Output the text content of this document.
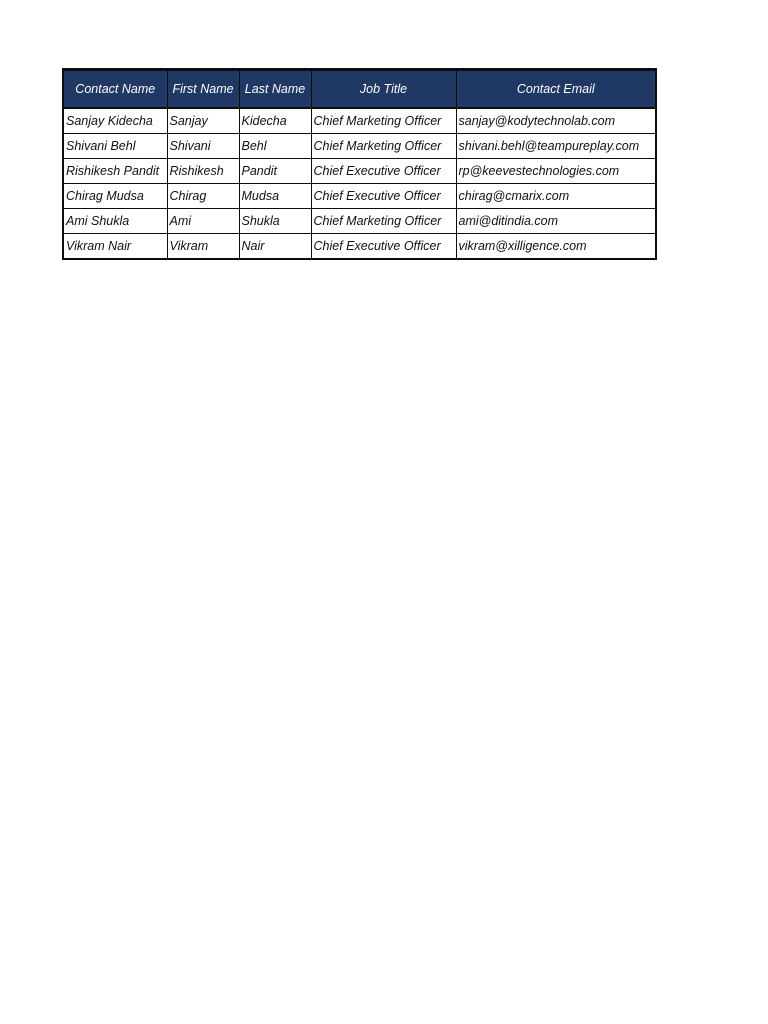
Contact Name	First Name	Last Name	Job Title	Contact Email
Sanjay Kidecha	Sanjay	Kidecha	Chief Marketing Officer	sanjay@kodytechnolab.com
Shivani Behl	Shivani	Behl	Chief Marketing Officer	shivani.behl@teampureplay.com
Rishikesh Pandit	Rishikesh	Pandit	Chief Executive Officer	rp@keevestechnologies.com
Chirag Mudsa	Chirag	Mudsa	Chief Executive Officer	chirag@cmarix.com
Ami Shukla	Ami	Shukla	Chief Marketing Officer	ami@ditindia.com
Vikram Nair	Vikram	Nair	Chief Executive Officer	vikram@xilligence.com
